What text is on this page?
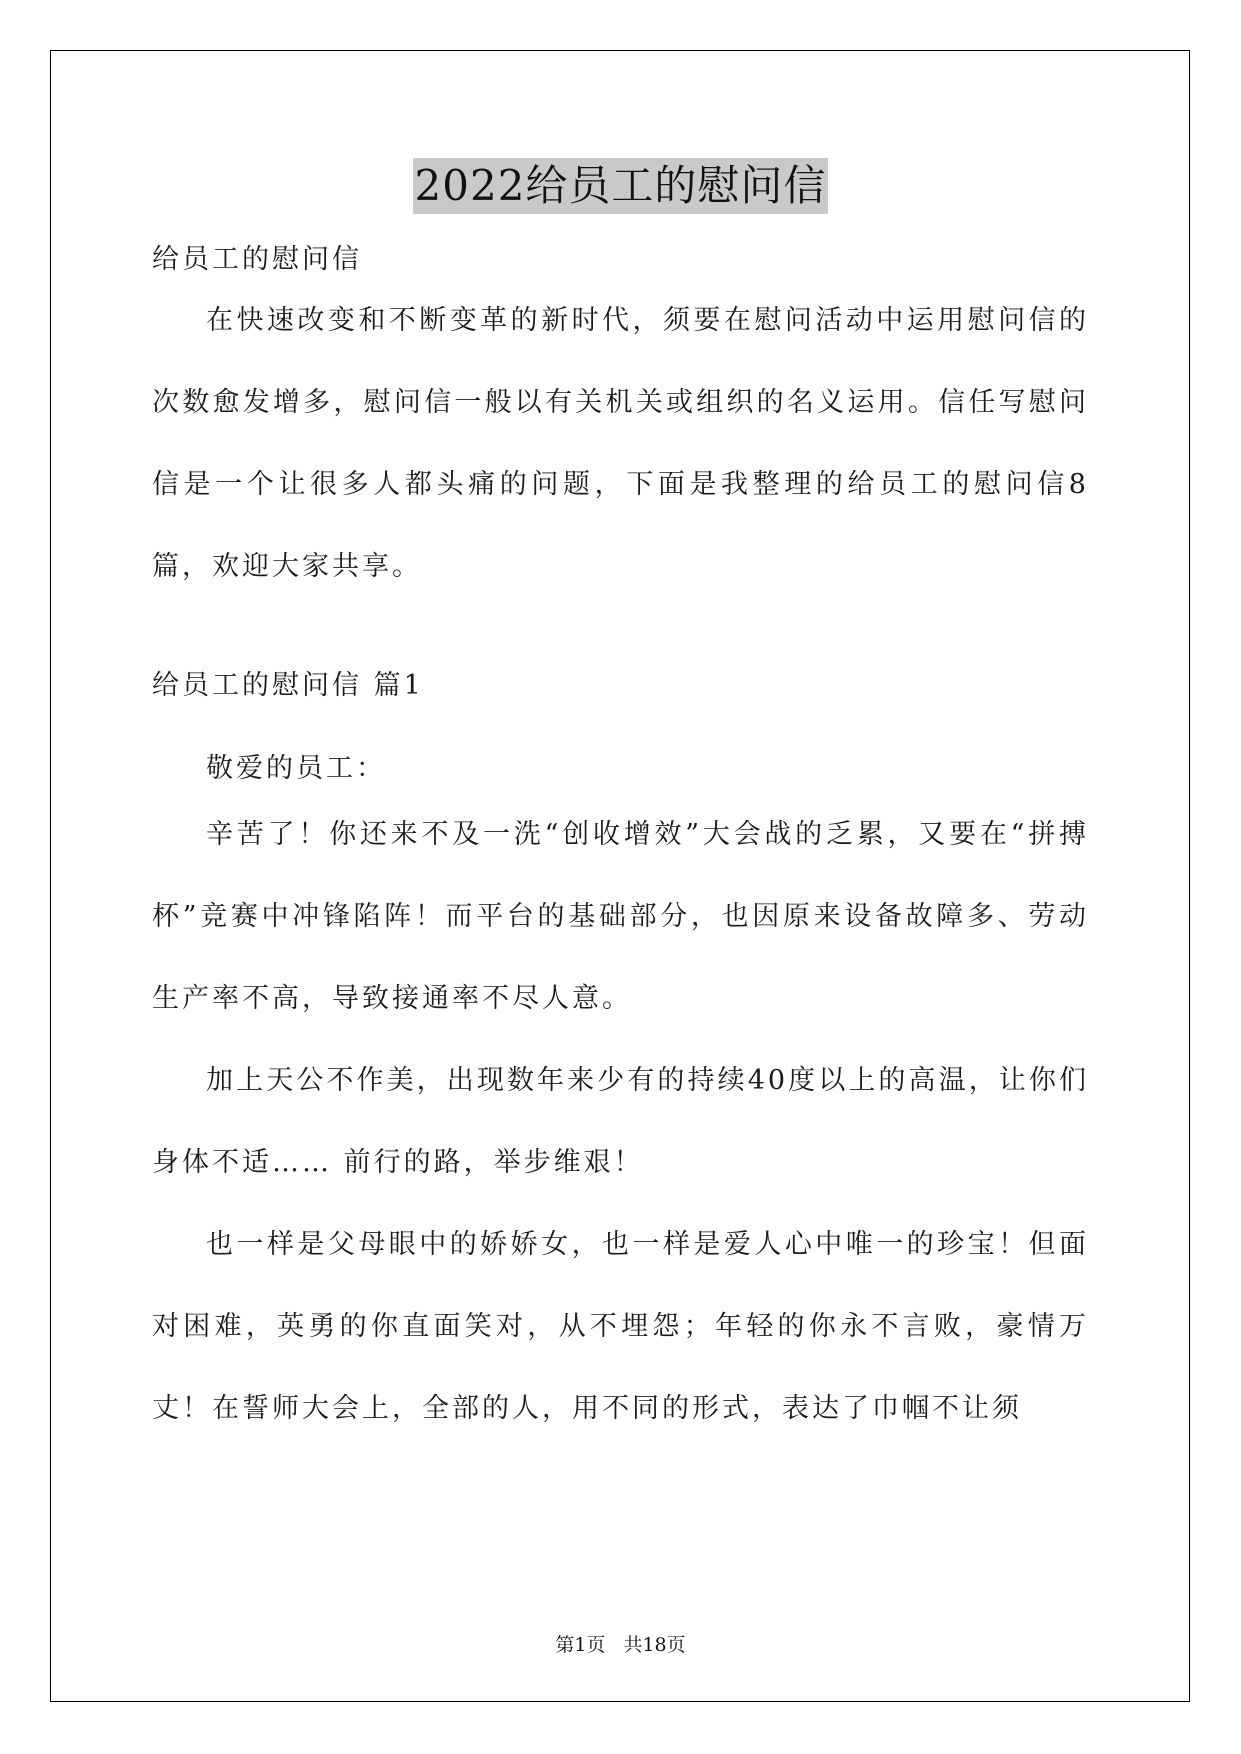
2022给员工的慰问信

给员工的慰问信

在快速改变和不断变革的新时代，须要在慰问活动中运用慰问信的次数愈发增多，慰问信一般以有关机关或组织的名义运用。信任写慰问信是一个让很多人都头痛的问题，下面是我整理的给员工的慰问信8篇，欢迎大家共享。

给员工的慰问信 篇1

敬爱的员工：

辛苦了！你还来不及一洗“创收增效”大会战的乏累，又要在“拼搏杯”竞赛中冲锋陷阵！而平台的基础部分，也因原来设备故障多、劳动生产率不高，导致接通率不尽人意。

加上天公不作美，出现数年来少有的持续40度以上的高温，让你们身体不适…… 前行的路，举步维艰！

也一样是父母眼中的娇娇女，也一样是爱人心中唯一的珍宝！但面对困难，英勇的你直面笑对，从不埋怨；年轻的你永不言败，豪情万丈！在誓师大会上，全部的人，用不同的形式，表达了巾帼不让须

第1页 共18页
